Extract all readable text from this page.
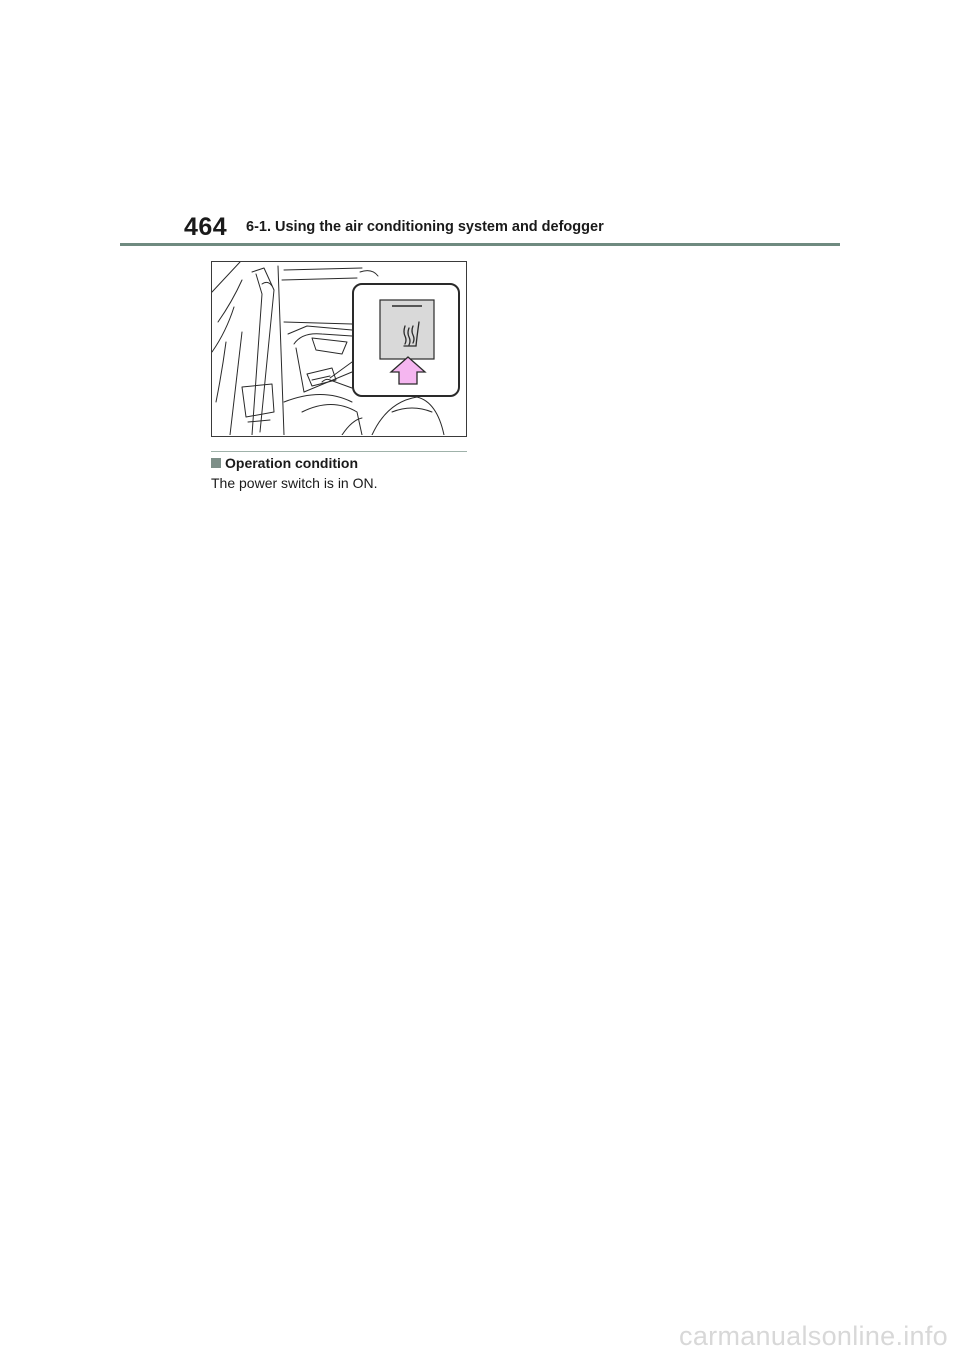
464 6-1. Using the air conditioning system and defogger
Operation condition
The power switch is in ON.
carmanualsonline.info
